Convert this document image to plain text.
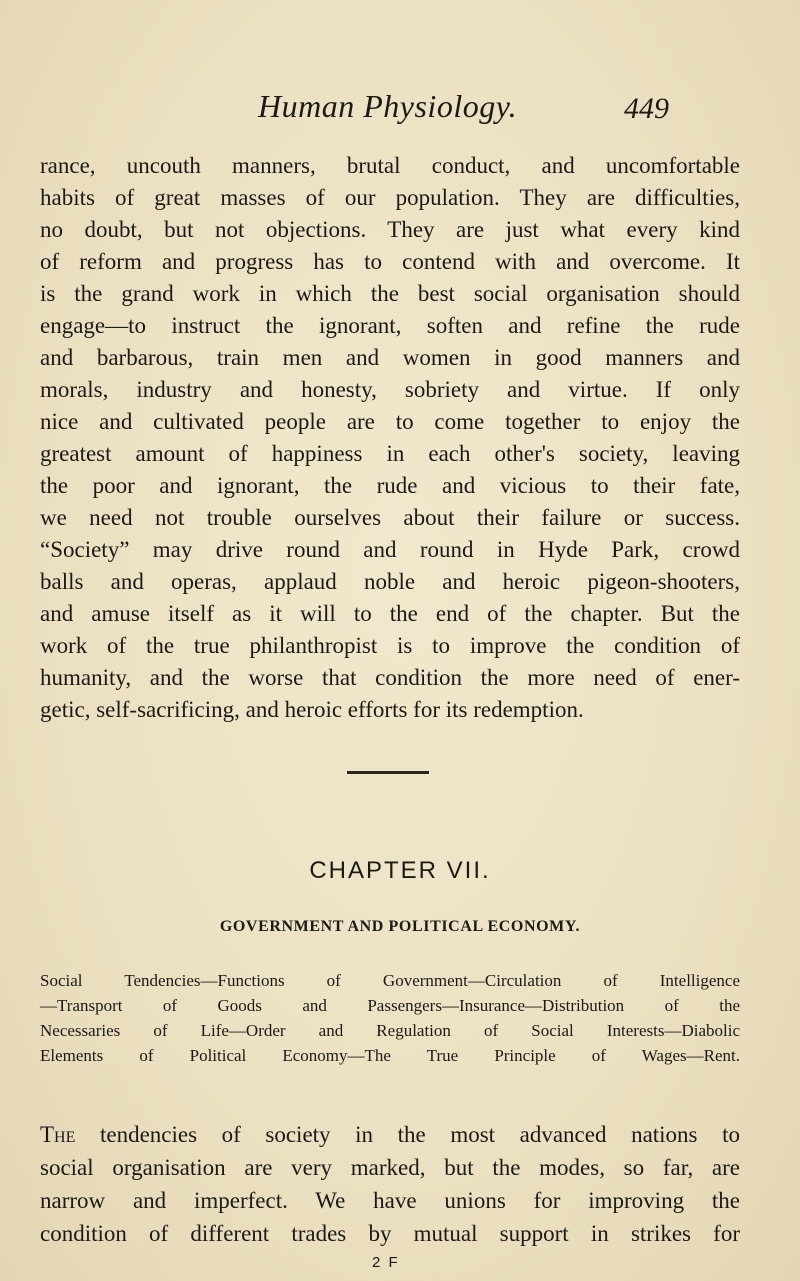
Human Physiology.	449
rance, uncouth manners, brutal conduct, and uncomfortable
habits of great masses of our population. They are difficulties,
no doubt, but not objections. They are just what every kind
of reform and progress has to contend with and overcome. It
is the grand work in which the best social organisation should
engage—to instruct the ignorant, soften and refine the rude
and barbarous, train men and women in good manners and
morals, industry and honesty, sobriety and virtue. If only
nice and cultivated people are to come together to enjoy the
greatest amount of happiness in each other's society, leaving
the poor and ignorant, the rude and vicious to their fate,
we need not trouble ourselves about their failure or success.
“Society” may drive round and round in Hyde Park, crowd
balls and operas, applaud noble and heroic pigeon-shooters,
and amuse itself as it will to the end of the chapter. But the
work of the true philanthropist is to improve the condition of
humanity, and the worse that condition the more need of ener-
getic, self-sacrificing, and heroic efforts for its redemption.
CHAPTER VII.
GOVERNMENT AND POLITICAL ECONOMY.
Social Tendencies—Functions of Government—Circulation of Intelligence
—Transport of Goods and Passengers—Insurance—Distribution of the
Necessaries of Life—Order and Regulation of Social Interests—Diabolic
Elements of Political Economy—The True Principle of Wages—Rent.
The tendencies of society in the most advanced nations to
social organisation are very marked, but the modes, so far, are
narrow and imperfect. We have unions for improving the
condition of different trades by mutual support in strikes for
2 F
